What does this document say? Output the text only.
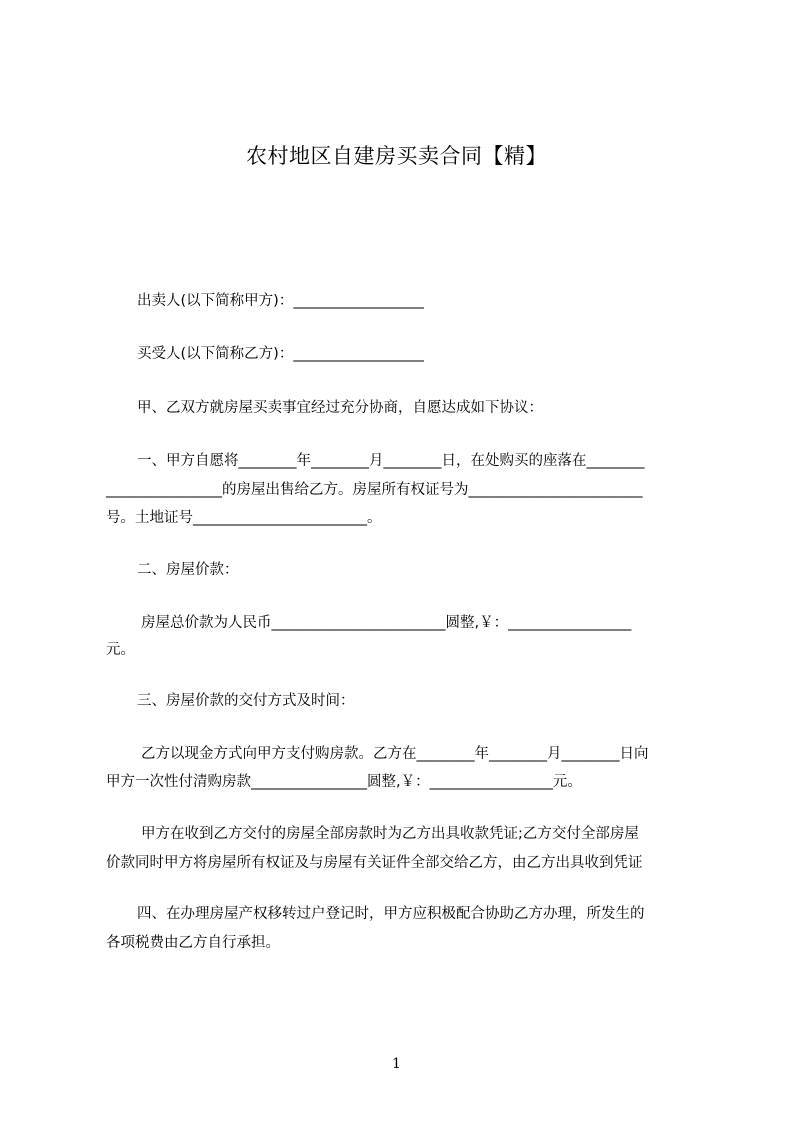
农村地区自建房买卖合同【精】
出卖人(以下简称甲方)：__________________
买受人(以下简称乙方)：__________________
甲、乙双方就房屋买卖事宜经过充分协商，自愿达成如下协议：
一、甲方自愿将________年________月________日，在处购买的座落在________
________________的房屋出售给乙方。房屋所有权证号为________________________
号。土地证号________________________。
二、房屋价款：
房屋总价款为人民币________________________圆整,￥：_________________
元。
三、房屋价款的交付方式及时间：
乙方以现金方式向甲方支付购房款。乙方在________年________月________日向
甲方一次性付清购房款________________圆整,￥：_________________元。
甲方在收到乙方交付的房屋全部房款时为乙方出具收款凭证;乙方交付全部房屋
价款同时甲方将房屋所有权证及与房屋有关证件全部交给乙方，由乙方出具收到凭证
四、在办理房屋产权移转过户登记时，甲方应积极配合协助乙方办理，所发生的
各项税费由乙方自行承担。
1
